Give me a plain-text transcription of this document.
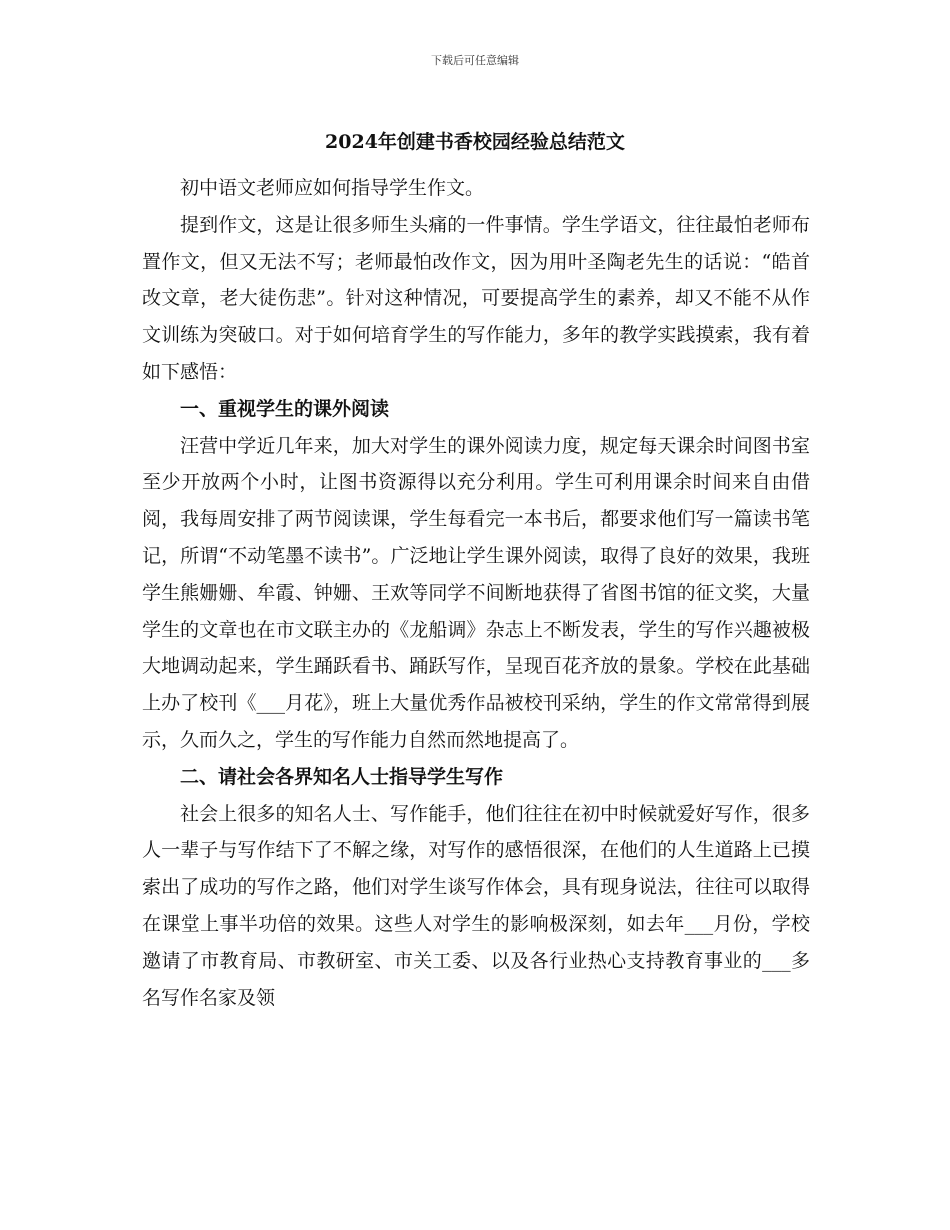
下载后可任意编辑
2024年创建书香校园经验总结范文

初中语文老师应如何指导学生作文。

提到作文，这是让很多师生头痛的一件事情。学生学语文，往往最怕老师布置作文，但又无法不写；老师最怕改作文，因为用叶圣陶老先生的话说：“皓首改文章，老大徒伤悲”。针对这种情况，可要提高学生的素养，却又不能不从作文训练为突破口。对于如何培育学生的写作能力，多年的教学实践摸索，我有着如下感悟：

一、重视学生的课外阅读

汪营中学近几年来，加大对学生的课外阅读力度，规定每天课余时间图书室至少开放两个小时，让图书资源得以充分利用。学生可利用课余时间来自由借阅，我每周安排了两节阅读课，学生每看完一本书后，都要求他们写一篇读书笔记，所谓“不动笔墨不读书”。广泛地让学生课外阅读，取得了良好的效果，我班学生熊姗姗、牟霞、钟姗、王欢等同学不间断地获得了省图书馆的征文奖，大量学生的文章也在市文联主办的《龙船调》杂志上不断发表，学生的写作兴趣被极大地调动起来，学生踊跃看书、踊跃写作，呈现百花齐放的景象。学校在此基础上办了校刊《___月花》，班上大量优秀作品被校刊采纳，学生的作文常常得到展示，久而久之，学生的写作能力自然而然地提高了。

二、请社会各界知名人士指导学生写作

社会上很多的知名人士、写作能手，他们往往在初中时候就爱好写作，很多人一辈子与写作结下了不解之缘，对写作的感悟很深，在他们的人生道路上已摸索出了成功的写作之路，他们对学生谈写作体会，具有现身说法，往往可以取得在课堂上事半功倍的效果。这些人对学生的影响极深刻，如去年___月份，学校邀请了市教育局、市教研室、市关工委、以及各行业热心支持教育事业的___多名写作名家及领
